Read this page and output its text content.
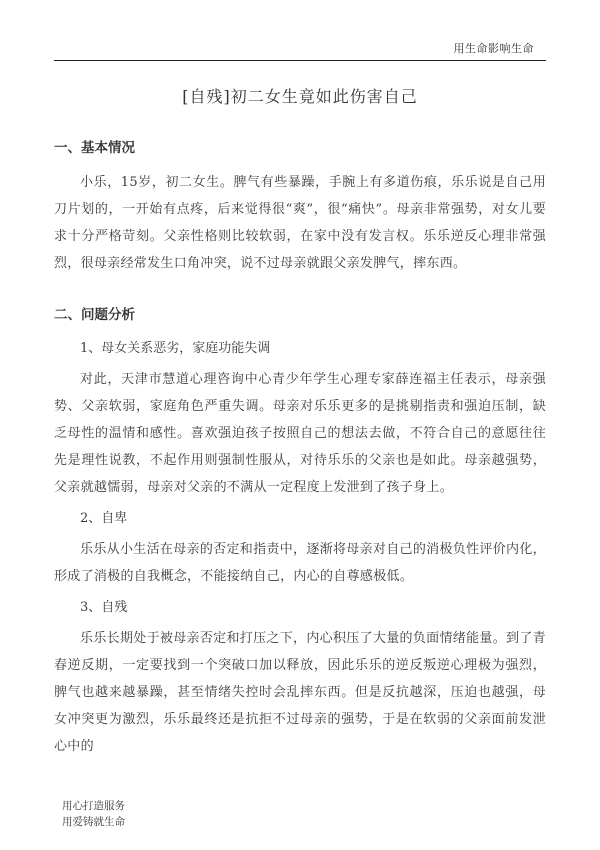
用生命影响生命
[自残]初二女生竟如此伤害自己
一、基本情况

小乐，15岁，初二女生。脾气有些暴躁，手腕上有多道伤痕，乐乐说是自己用刀片划的，一开始有点疼，后来觉得很“爽”，很“痛快”。母亲非常强势，对女儿要求十分严格苛刻。父亲性格则比较软弱，在家中没有发言权。乐乐逆反心理非常强烈，很母亲经常发生口角冲突，说不过母亲就跟父亲发脾气，摔东西。

二、问题分析

1、母女关系恶劣，家庭功能失调

对此，天津市慧道心理咨询中心青少年学生心理专家薛连福主任表示，母亲强势、父亲软弱，家庭角色严重失调。母亲对乐乐更多的是挑剔指责和强迫压制，缺乏母性的温情和感性。喜欢强迫孩子按照自己的想法去做，不符合自己的意愿往往先是理性说教，不起作用则强制性服从，对待乐乐的父亲也是如此。母亲越强势，父亲就越懦弱，母亲对父亲的不满从一定程度上发泄到了孩子身上。

2、自卑

乐乐从小生活在母亲的否定和指责中，逐渐将母亲对自己的消极负性评价内化，形成了消极的自我概念，不能接纳自己，内心的自尊感极低。

3、自残

乐乐长期处于被母亲否定和打压之下，内心积压了大量的负面情绪能量。到了青春逆反期，一定要找到一个突破口加以释放，因此乐乐的逆反叛逆心理极为强烈，脾气也越来越暴躁，甚至情绪失控时会乱摔东西。但是反抗越深，压迫也越强，母女冲突更为激烈，乐乐最终还是抗拒不过母亲的强势，于是在软弱的父亲面前发泄心中的

用心打造服务
用爱铸就生命
